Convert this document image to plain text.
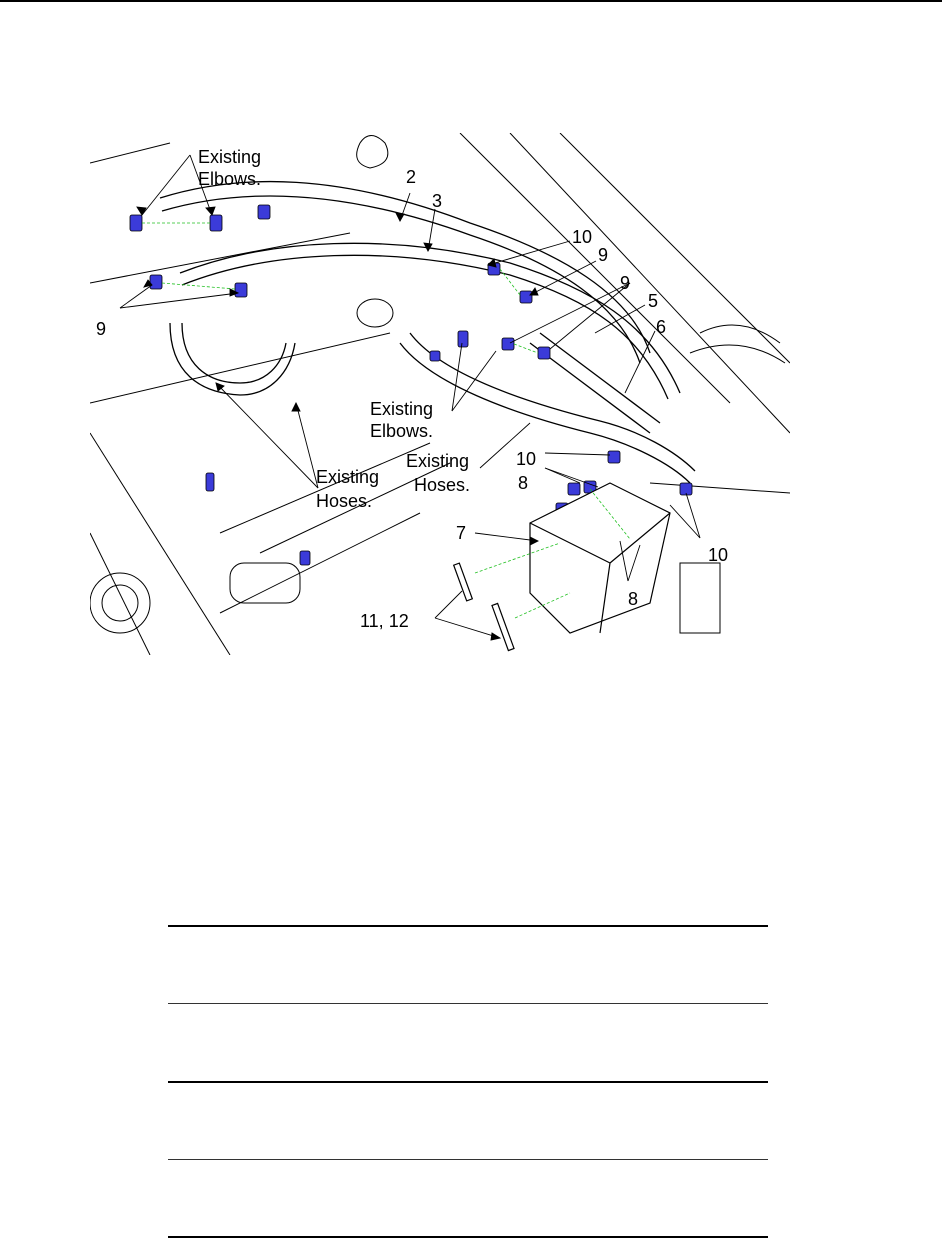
Existing
Elbows.	2
3
10
9
9
5
6
9
Existing
Elbows.
Existing
Hoses.
10
8
Existing
Hoses.
7
10
8
11, 12
